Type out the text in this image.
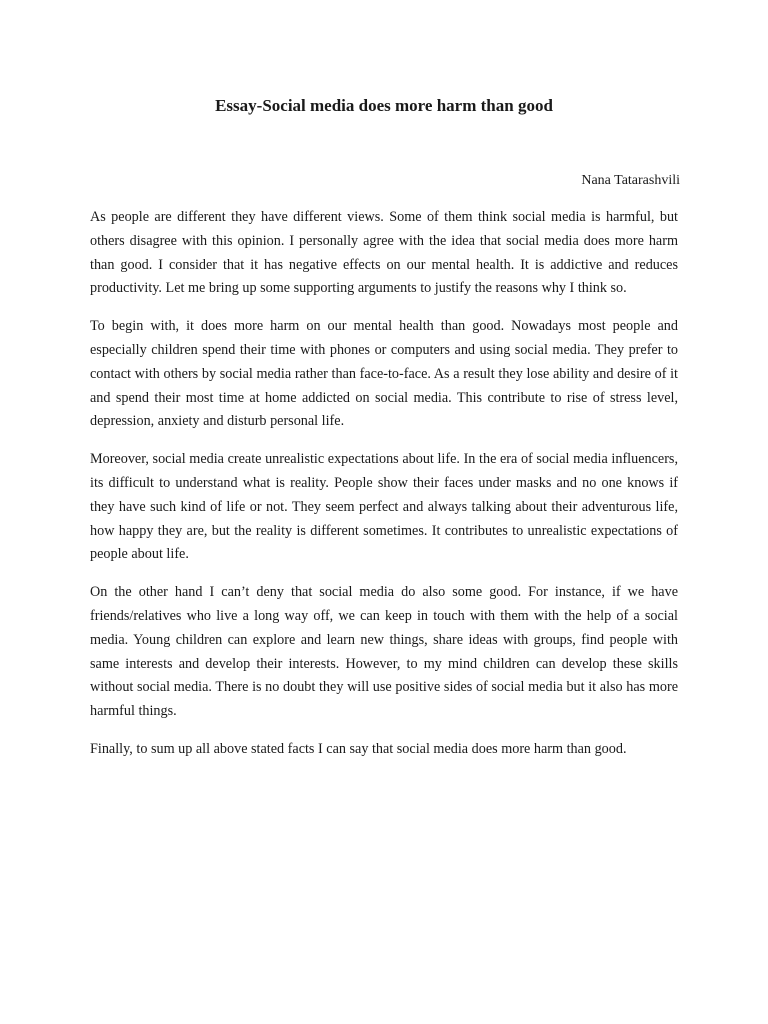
Essay-Social media does more harm than good

Nana Tatarashvili

As people are different they have different views. Some of them think social media is harmful, but others disagree with this opinion. I personally agree with the idea that social media does more harm than good. I consider that it has negative effects on our mental health. It is addictive and reduces productivity. Let me bring up some supporting arguments to justify the reasons why I think so.

To begin with, it does more harm on our mental health than good. Nowadays most people and especially children spend their time with phones or computers and using social media. They prefer to contact with others by social media rather than face-to-face. As a result they lose ability and desire of it and spend their most time at home addicted on social media. This contribute to rise of stress level, depression, anxiety and disturb personal life.

Moreover, social media create unrealistic expectations about life. In the era of social media influencers, its difficult to understand what is reality. People show their faces under masks and no one knows if they have such kind of life or not. They seem perfect and always talking about their adventurous life, how happy they are, but the reality is different sometimes. It contributes to unrealistic expectations of people about life.

On the other hand I can’t deny that social media do also some good. For instance, if we have friends/relatives who live a long way off, we can keep in touch with them with the help of a social media. Young children can explore and learn new things, share ideas with groups, find people with same interests and develop their interests. However, to my mind children can develop these skills without social media. There is no doubt they will use positive sides of social media but it also has more harmful things.

Finally, to sum up all above stated facts I can say that social media does more harm than good.
